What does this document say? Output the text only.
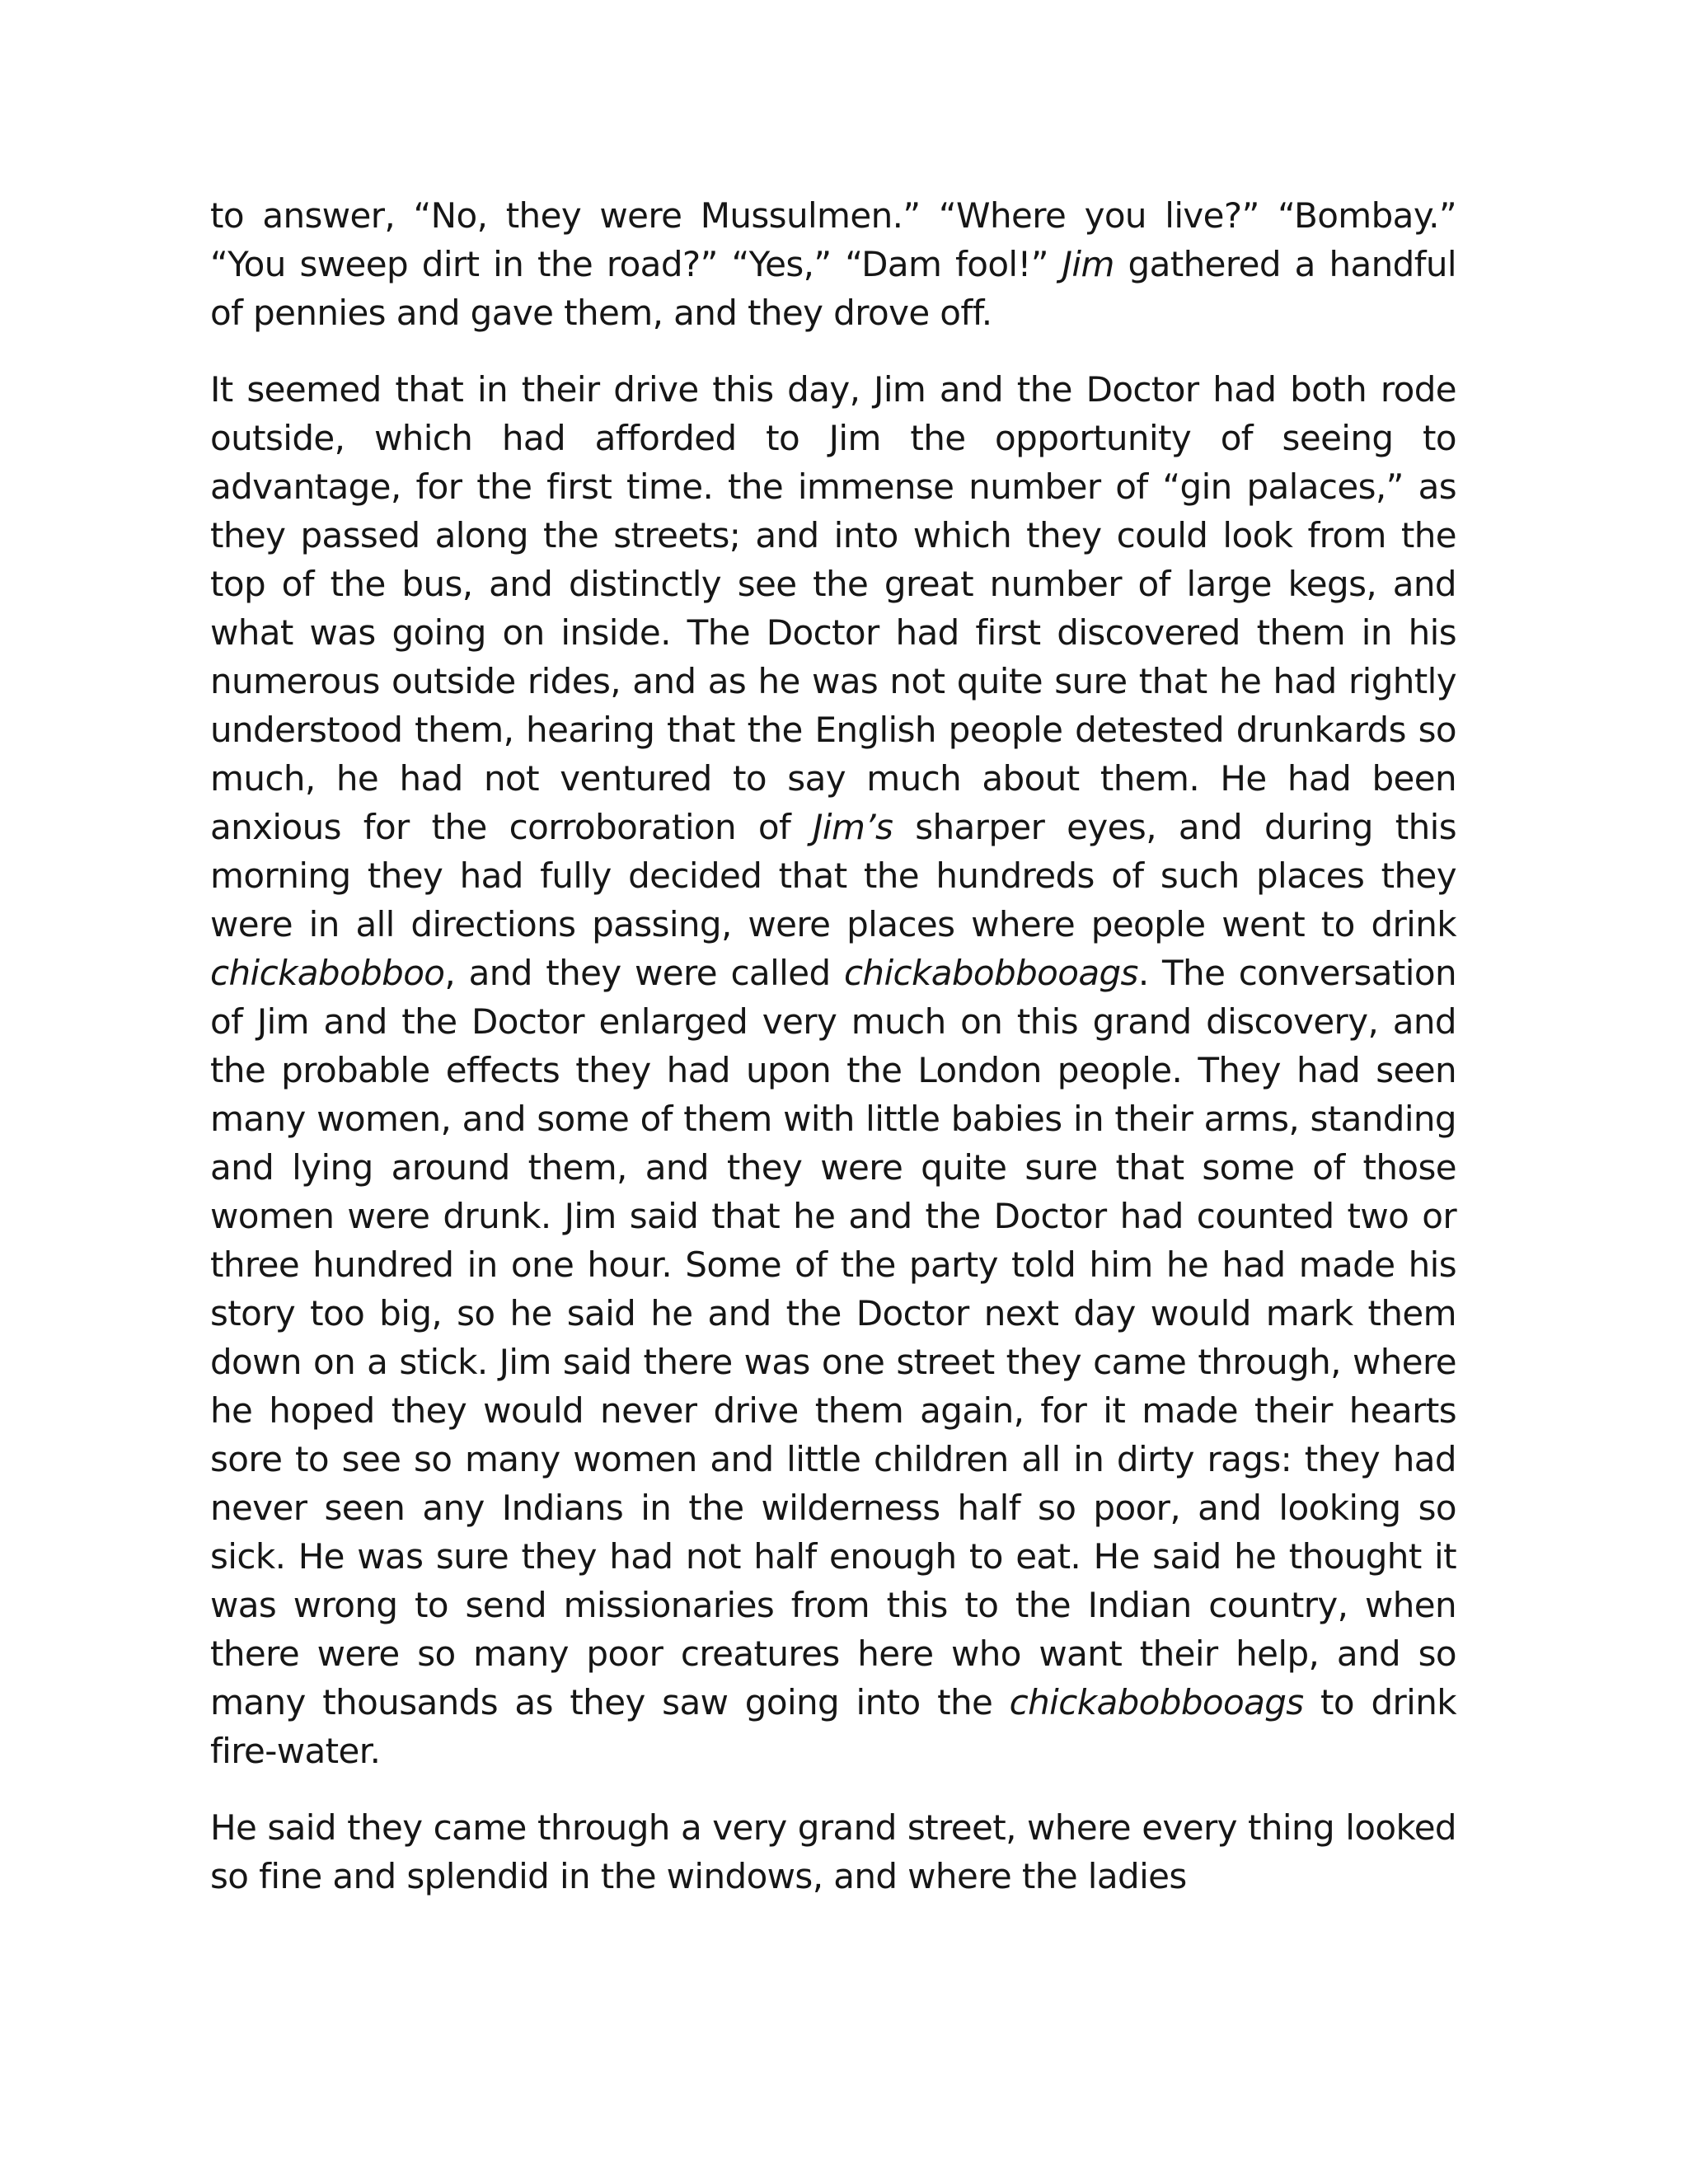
to answer, “No, they were Mussulmen.” “Where you live?” “Bombay.” “You sweep dirt in the road?” “Yes,” “Dam fool!” Jim gathered a handful of pennies and gave them, and they drove off.

It seemed that in their drive this day, Jim and the Doctor had both rode outside, which had afforded to Jim the opportunity of seeing to advantage, for the first time. the immense number of “gin palaces,” as they passed along the streets; and into which they could look from the top of the bus, and distinctly see the great number of large kegs, and what was going on inside. The Doctor had first discovered them in his numerous outside rides, and as he was not quite sure that he had rightly understood them, hearing that the English people detested drunkards so much, he had not ventured to say much about them. He had been anxious for the corroboration of Jim’s sharper eyes, and during this morning they had fully decided that the hundreds of such places they were in all directions passing, were places where people went to drink chickabobboo, and they were called chickabobbooags. The conversation of Jim and the Doctor enlarged very much on this grand discovery, and the probable effects they had upon the London people. They had seen many women, and some of them with little babies in their arms, standing and lying around them, and they were quite sure that some of those women were drunk. Jim said that he and the Doctor had counted two or three hundred in one hour. Some of the party told him he had made his story too big, so he said he and the Doctor next day would mark them down on a stick. Jim said there was one street they came through, where he hoped they would never drive them again, for it made their hearts sore to see so many women and little children all in dirty rags: they had never seen any Indians in the wilderness half so poor, and looking so sick. He was sure they had not half enough to eat. He said he thought it was wrong to send missionaries from this to the Indian country, when there were so many poor creatures here who want their help, and so many thousands as they saw going into the chickabobbooags to drink fire-water.

He said they came through a very grand street, where every thing looked so fine and splendid in the windows, and where the ladies
